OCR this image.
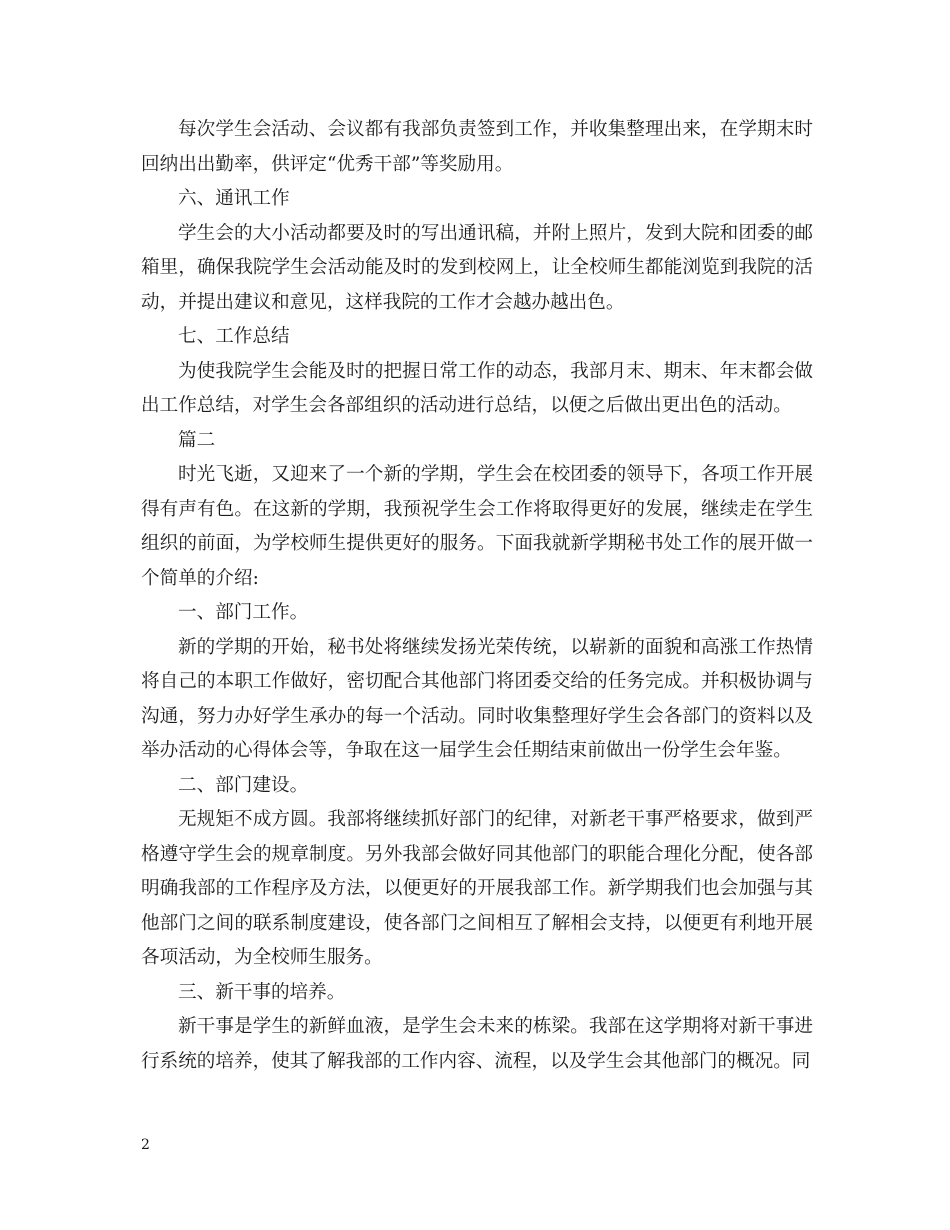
每次学生会活动、会议都有我部负责签到工作，并收集整理出来，在学期末时回纳出出勤率，供评定“优秀干部”等奖励用。

六、通讯工作

学生会的大小活动都要及时的写出通讯稿，并附上照片，发到大院和团委的邮箱里，确保我院学生会活动能及时的发到校网上，让全校师生都能浏览到我院的活动，并提出建议和意见，这样我院的工作才会越办越出色。

七、工作总结

为使我院学生会能及时的把握日常工作的动态，我部月末、期末、年末都会做出工作总结，对学生会各部组织的活动进行总结，以便之后做出更出色的活动。

篇二

时光飞逝，又迎来了一个新的学期，学生会在校团委的领导下，各项工作开展得有声有色。在这新的学期，我预祝学生会工作将取得更好的发展，继续走在学生组织的前面，为学校师生提供更好的服务。下面我就新学期秘书处工作的展开做一个简单的介绍:

一、部门工作。

新的学期的开始，秘书处将继续发扬光荣传统，以崭新的面貌和高涨工作热情将自己的本职工作做好，密切配合其他部门将团委交给的任务完成。并积极协调与沟通，努力办好学生承办的每一个活动。同时收集整理好学生会各部门的资料以及举办活动的心得体会等，争取在这一届学生会任期结束前做出一份学生会年鉴。

二、部门建设。

无规矩不成方圆。我部将继续抓好部门的纪律，对新老干事严格要求，做到严格遵守学生会的规章制度。另外我部会做好同其他部门的职能合理化分配，使各部明确我部的工作程序及方法，以便更好的开展我部工作。新学期我们也会加强与其他部门之间的联系制度建设，使各部门之间相互了解相会支持，以便更有利地开展各项活动，为全校师生服务。

三、新干事的培养。

新干事是学生的新鲜血液，是学生会未来的栋梁。我部在这学期将对新干事进行系统的培养，使其了解我部的工作内容、流程，以及学生会其他部门的概况。同

2
